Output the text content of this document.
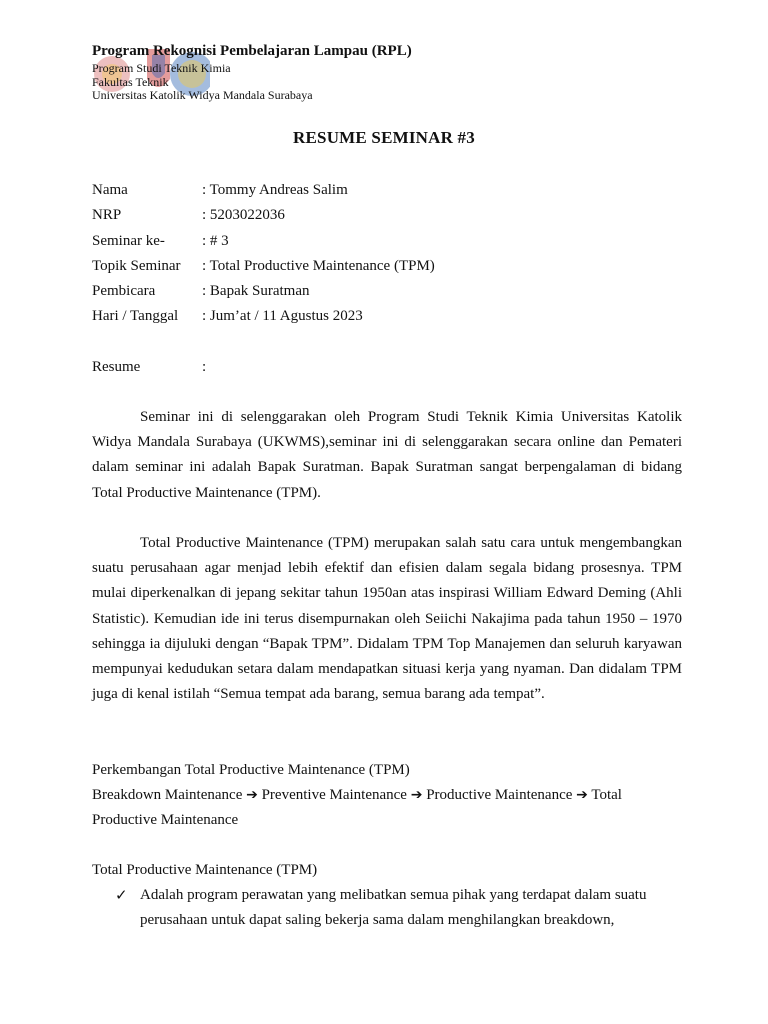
Program Rekognisi Pembelajaran Lampau (RPL)
Program Studi Teknik Kimia
Fakultas Teknik
Universitas Katolik Widya Mandala Surabaya
RESUME SEMINAR #3
Nama	: Tommy Andreas Salim
NRP	: 5203022036
Seminar ke- : # 3
Topik Seminar : Total Productive Maintenance (TPM)
Pembicara	: Bapak Suratman
Hari / Tanggal : Jum’at / 11 Agustus 2023
Resume	:

Seminar ini di selenggarakan oleh Program Studi Teknik Kimia Universitas Katolik Widya Mandala Surabaya (UKWMS),seminar ini di selenggarakan secara online dan Pemateri dalam seminar ini adalah Bapak Suratman. Bapak Suratman sangat berpengalaman di bidang Total Productive Maintenance (TPM).

Total Productive Maintenance (TPM) merupakan salah satu cara untuk mengembangkan suatu perusahaan agar menjad lebih efektif dan efisien dalam segala bidang prosesnya. TPM mulai diperkenalkan di jepang sekitar tahun 1950an atas inspirasi William Edward Deming (Ahli Statistic). Kemudian ide ini terus disempurnakan oleh Seiichi Nakajima pada tahun 1950 – 1970 sehingga ia dijuluki dengan “Bapak TPM”. Didalam TPM Top Manajemen dan seluruh karyawan mempunyai kedudukan setara dalam mendapatkan situasi kerja yang nyaman. Dan didalam TPM juga di kenal istilah “Semua tempat ada barang, semua barang ada tempat”.

Perkembangan Total Productive Maintenance (TPM)

Breakdown Maintenance ➔ Preventive Maintenance ➔ Productive Maintenance ➔ Total Productive Maintenance

Total Productive Maintenance (TPM)

✓ Adalah program perawatan yang melibatkan semua pihak yang terdapat dalam suatu perusahaan untuk dapat saling bekerja sama dalam menghilangkan breakdown,
